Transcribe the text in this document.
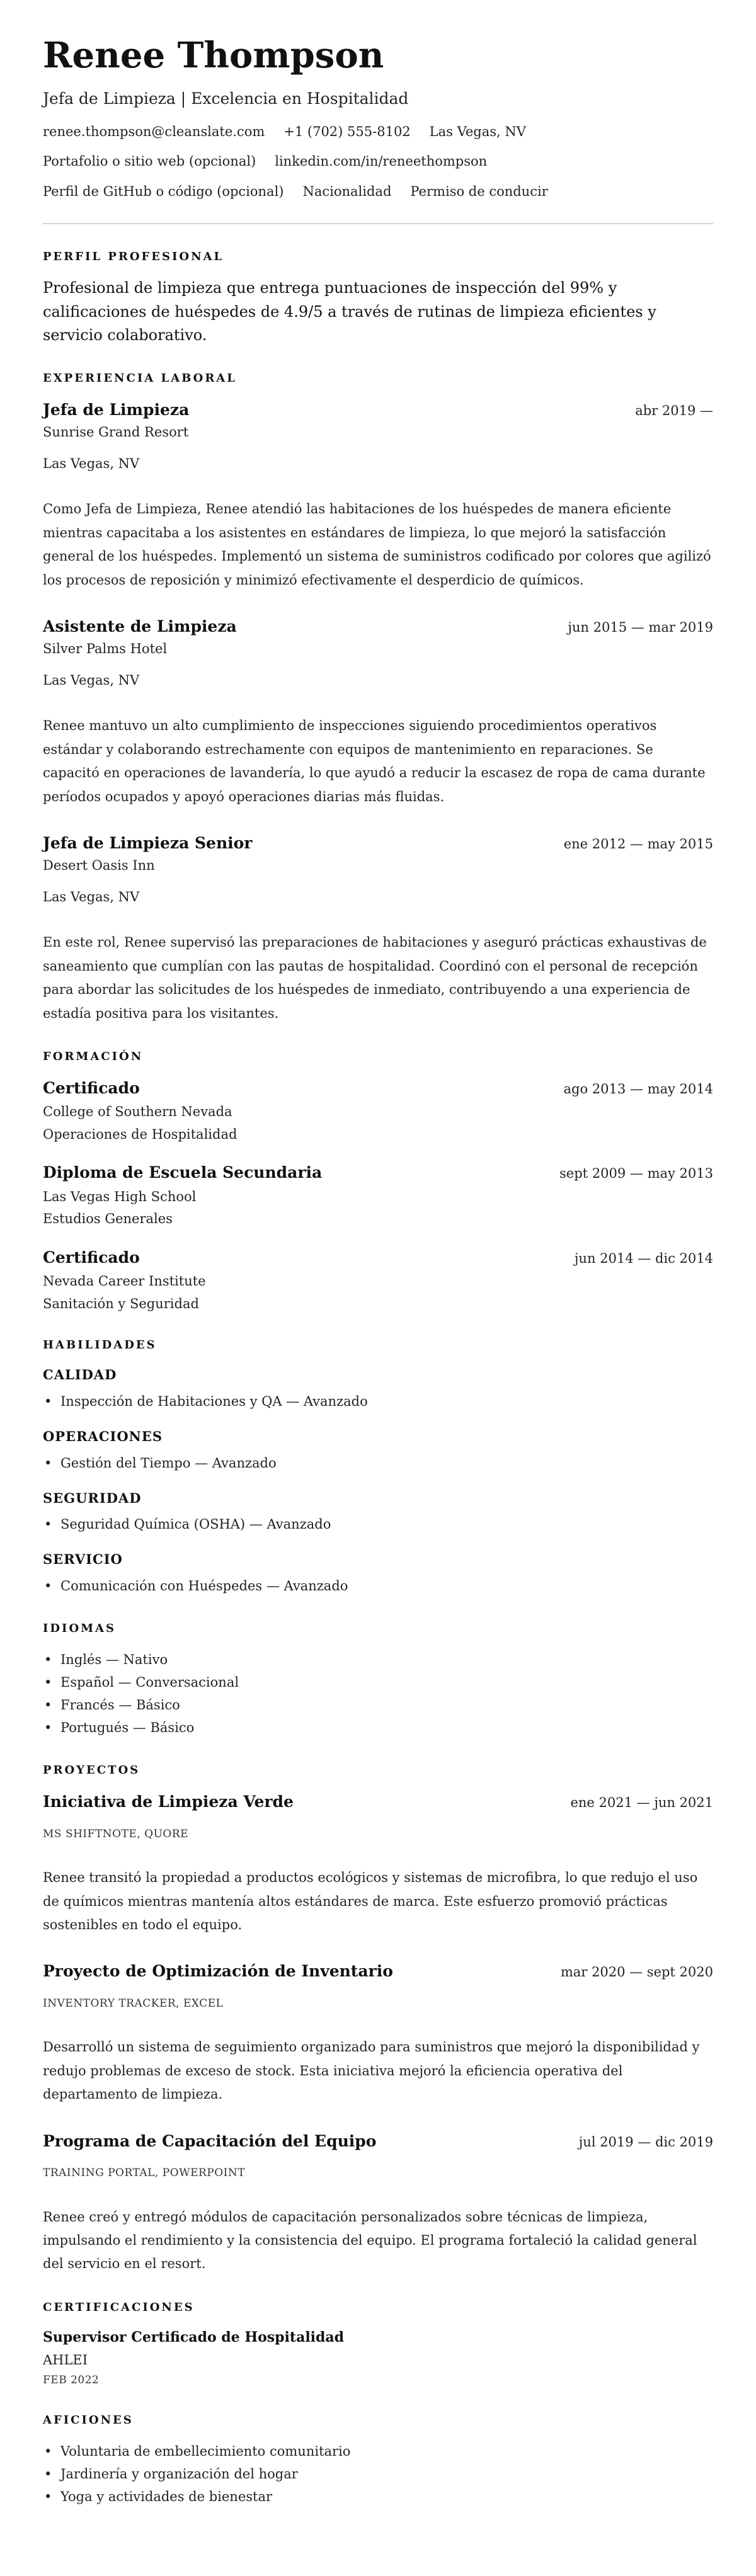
Renee Thompson
Jefa de Limpieza | Excelencia en Hospitalidad
renee.thompson@cleanslate.com +1 (702) 555-8102 Las Vegas, NV
Portafolio o sitio web (opcional) linkedin.com/in/reneethompson
Perfil de GitHub o código (opcional) Nacionalidad Permiso de conducir
PERFIL PROFESIONAL

Profesional de limpieza que entrega puntuaciones de inspección del 99% y calificaciones de huéspedes de 4.9/5 a través de rutinas de limpieza eficientes y servicio colaborativo.

EXPERIENCIA LABORAL
Jefa de Limpieza	abr 2019 —
Sunrise Grand Resort
Las Vegas, NV

Como Jefa de Limpieza, Renee atendió las habitaciones de los huéspedes de manera eficiente mientras capacitaba a los asistentes en estándares de limpieza, lo que mejoró la satisfacción general de los huéspedes. Implementó un sistema de suministros codificado por colores que agilizó los procesos de reposición y minimizó efectivamente el desperdicio de químicos.

Asistente de Limpieza	jun 2015 — mar 2019
Silver Palms Hotel
Las Vegas, NV

Renee mantuvo un alto cumplimiento de inspecciones siguiendo procedimientos operativos estándar y colaborando estrechamente con equipos de mantenimiento en reparaciones. Se capacitó en operaciones de lavandería, lo que ayudó a reducir la escasez de ropa de cama durante períodos ocupados y apoyó operaciones diarias más fluidas.

Jefa de Limpieza Senior	ene 2012 — may 2015
Desert Oasis Inn
Las Vegas, NV

En este rol, Renee supervisó las preparaciones de habitaciones y aseguró prácticas exhaustivas de saneamiento que cumplían con las pautas de hospitalidad. Coordinó con el personal de recepción para abordar las solicitudes de los huéspedes de inmediato, contribuyendo a una experiencia de estadía positiva para los visitantes.

FORMACIÓN
Certificado	ago 2013 — may 2014
College of Southern Nevada
Operaciones de Hospitalidad
Diploma de Escuela Secundaria	sept 2009 — may 2013
Las Vegas High School
Estudios Generales
Certificado	jun 2014 — dic 2014
Nevada Career Institute
Sanitación y Seguridad
HABILIDADES
CALIDAD
• Inspección de Habitaciones y QA — Avanzado
OPERACIONES
• Gestión del Tiempo — Avanzado
SEGURIDAD
• Seguridad Química (OSHA) — Avanzado
SERVICIO
• Comunicación con Huéspedes — Avanzado
IDIOMAS
• Inglés — Nativo
• Español — Conversacional
• Francés — Básico
• Portugués — Básico
PROYECTOS
Iniciativa de Limpieza Verde	ene 2021 — jun 2021
MS SHIFTNOTE, QUORE

Renee transitó la propiedad a productos ecológicos y sistemas de microfibra, lo que redujo el uso de químicos mientras mantenía altos estándares de marca. Este esfuerzo promovió prácticas sostenibles en todo el equipo.

Proyecto de Optimización de Inventario	mar 2020 — sept 2020
INVENTORY TRACKER, EXCEL

Desarrolló un sistema de seguimiento organizado para suministros que mejoró la disponibilidad y redujo problemas de exceso de stock. Esta iniciativa mejoró la eficiencia operativa del departamento de limpieza.

Programa de Capacitación del Equipo	jul 2019 — dic 2019
TRAINING PORTAL, POWERPOINT

Renee creó y entregó módulos de capacitación personalizados sobre técnicas de limpieza, impulsando el rendimiento y la consistencia del equipo. El programa fortaleció la calidad general del servicio en el resort.

CERTIFICACIONES
Supervisor Certificado de Hospitalidad
AHLEI
FEB 2022
AFICIONES
• Voluntaria de embellecimiento comunitario
• Jardinería y organización del hogar
• Yoga y actividades de bienestar
